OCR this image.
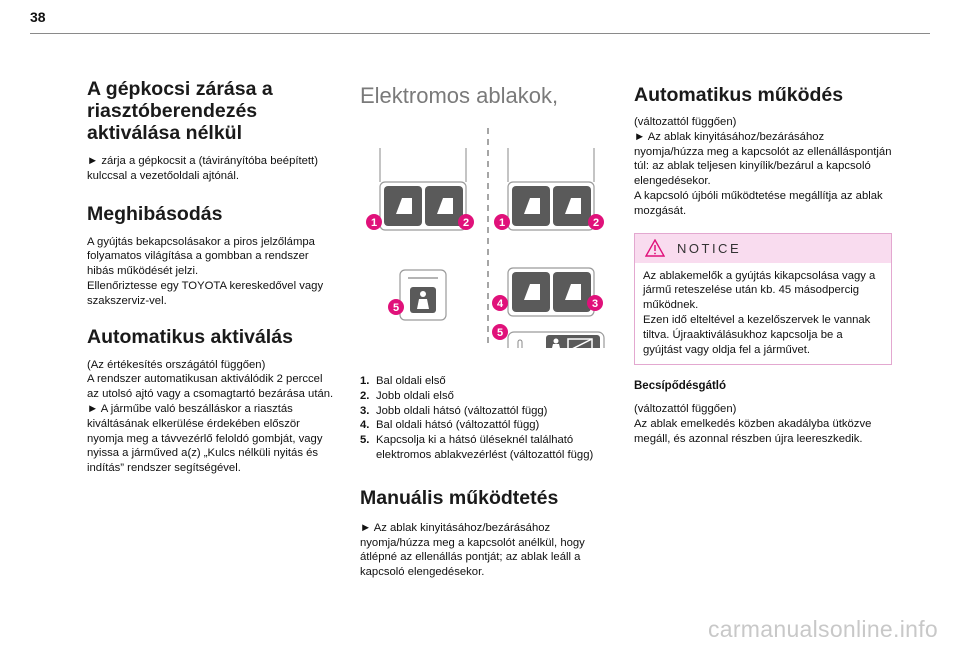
38
A gépkocsi zárása a riasztóberendezés aktiválása nélkül

► zárja a gépkocsit a (távirányítóba beépített) kulccsal a vezetőoldali ajtónál.

Meghibásodás

A gyújtás bekapcsolásakor a piros jelzőlámpa folyamatos világítása a gombban a rendszer hibás működését jelzi.
Ellenőriztesse egy TOYOTA kereskedővel vagy szakszerviz-vel.

Automatikus aktiválás

(Az értékesítés országától függően)
A rendszer automatikusan aktiválódik 2 perccel az utolsó ajtó vagy a csomagtartó bezárása után.
► A járműbe való beszálláskor a riasztás kiváltásának elkerülése érdekében először nyomja meg a távvezérlő feloldó gombját, vagy nyissa a járműved a(z) „Kulcs nélküli nyitás és indítás” rendszer segítségével.

Elektromos ablakok,
1	2	1	2
5	4	3
5
1. Bal oldali első
2. Jobb oldali első
3. Jobb oldali hátsó (változattól függ)
4. Bal oldali hátsó (változattól függ)
5. Kapcsolja ki a hátsó üléseknél található elektromos ablakvezérlést (változattól függ)
Manuális működtetés

► Az ablak kinyitásához/bezárásához nyomja/húzza meg a kapcsolót anélkül, hogy átlépné az ellenállás pontját; az ablak leáll a kapcsoló elengedésekor.

Automatikus működés

(változattól függően)
► Az ablak kinyitásához/bezárásához nyomja/húzza meg a kapcsolót az ellenálláspontján túl: az ablak teljesen kinyílik/bezárul a kapcsoló elengedésekor.
A kapcsoló újbóli működtetése megállítja az ablak mozgását.

NOTICE

Az ablakemelők a gyújtás kikapcsolása vagy a jármű reteszelése után kb. 45 másodpercig működnek.
Ezen idő elteltével a kezelőszervek le vannak tiltva. Újraaktiválásukhoz kapcsolja be a gyújtást vagy oldja fel a járművet.

Becsípődésgátló

(változattól függően)
Az ablak emelkedés közben akadályba ütközve megáll, és azonnal részben újra leereszkedik.

carmanualsonline.info
